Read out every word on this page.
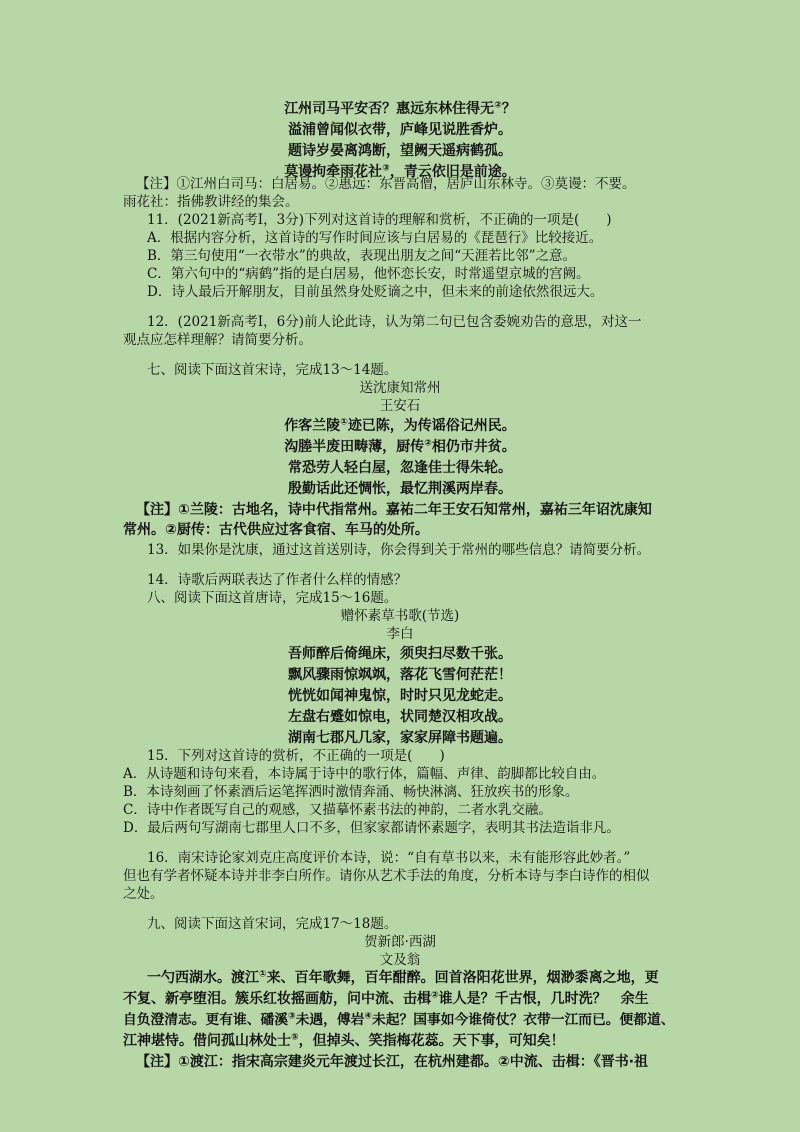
江州司马平安否？惠远东林住得无②？
溢浦曾闻似衣带，庐峰见说胜香炉。
题诗岁晏离鸿断，望阙天遥病鹤孤。
莫谩拘牵雨花社③，青云依旧是前途。
【注】①江州白司马：白居易。②惠远：东晋高僧，居庐山东林寺。③莫谩：不要。
雨花社：指佛教讲经的集会。
11．(2021新高考Ⅰ，3分)下列对这首诗的理解和赏析，不正确的一项是(　　)
A．根据内容分析，这首诗的写作时间应该与白居易的《琵琶行》比较接近。
B．第三句使用“一衣带水”的典故，表现出朋友之间“天涯若比邻”之意。
C．第六句中的“病鹤”指的是白居易，他怀恋长安，时常遥望京城的宫阙。
D．诗人最后开解朋友，目前虽然身处贬谪之中，但未来的前途依然很远大。
12．(2021新高考Ⅰ，6分)前人论此诗，认为第二句已包含委婉劝告的意思，对这一
观点应怎样理解？请简要分析。
七、阅读下面这首宋诗，完成13～14题。
送沈康知常州
王安石
作客兰陵①迹已陈，为传谣俗记州民。
沟塍半废田畴薄，厨传②相仍市井贫。
常恐劳人轻白屋，忽逢佳士得朱轮。
殷勤话此还惆怅，最忆荆溪两岸春。
【注】①兰陵：古地名，诗中代指常州。嘉祐二年王安石知常州，嘉祐三年诏沈康知
常州。②厨传：古代供应过客食宿、车马的处所。
13．如果你是沈康，通过这首送别诗，你会得到关于常州的哪些信息？请简要分析。
14．诗歌后两联表达了作者什么样的情感？
八、阅读下面这首唐诗，完成15～16题。
赠怀素草书歌(节选)
李白
吾师醉后倚绳床，须臾扫尽数千张。
飘风骤雨惊飒飒，落花飞雪何茫茫！
恍恍如闻神鬼惊，时时只见龙蛇走。
左盘右蹙如惊电，状同楚汉相攻战。
湖南七郡凡几家，家家屏障书题遍。
15．下列对这首诗的赏析，不正确的一项是(　　)
A．从诗题和诗句来看，本诗属于诗中的歌行体，篇幅、声律、韵脚都比较自由。
B．本诗刻画了怀素酒后运笔挥洒时激情奔涌、畅快淋漓、狂放疾书的形象。
C．诗中作者既写自己的观感，又描摹怀素书法的神韵，二者水乳交融。
D．最后两句写湖南七郡里人口不多，但家家都请怀素题字，表明其书法造诣非凡。
16．南宋诗论家刘克庄高度评价本诗，说：“自有草书以来，未有能形容此妙者。”
但也有学者怀疑本诗并非李白所作。请你从艺术手法的角度，分析本诗与李白诗作的相似
之处。
九、阅读下面这首宋词，完成17～18题。
贺新郎·西湖
文及翁
一勺西湖水。渡江①来、百年歌舞，百年酣醉。回首洛阳花世界，烟渺黍离之地，更
不复、新亭堕泪。簇乐红妆摇画舫，问中流、击楫②谁人是？千古恨，几时洗？　余生
自负澄清志。更有谁、磻溪③未遇，傅岩④未起？国事如今谁倚仗？衣带一江而已。便都道、
江神堪恃。借问孤山林处士⑤，但掉头、笑指梅花蕊。天下事，可知矣！
【注】①渡江：指宋高宗建炎元年渡过长江，在杭州建都。②中流、击楫：《晋书·祖
